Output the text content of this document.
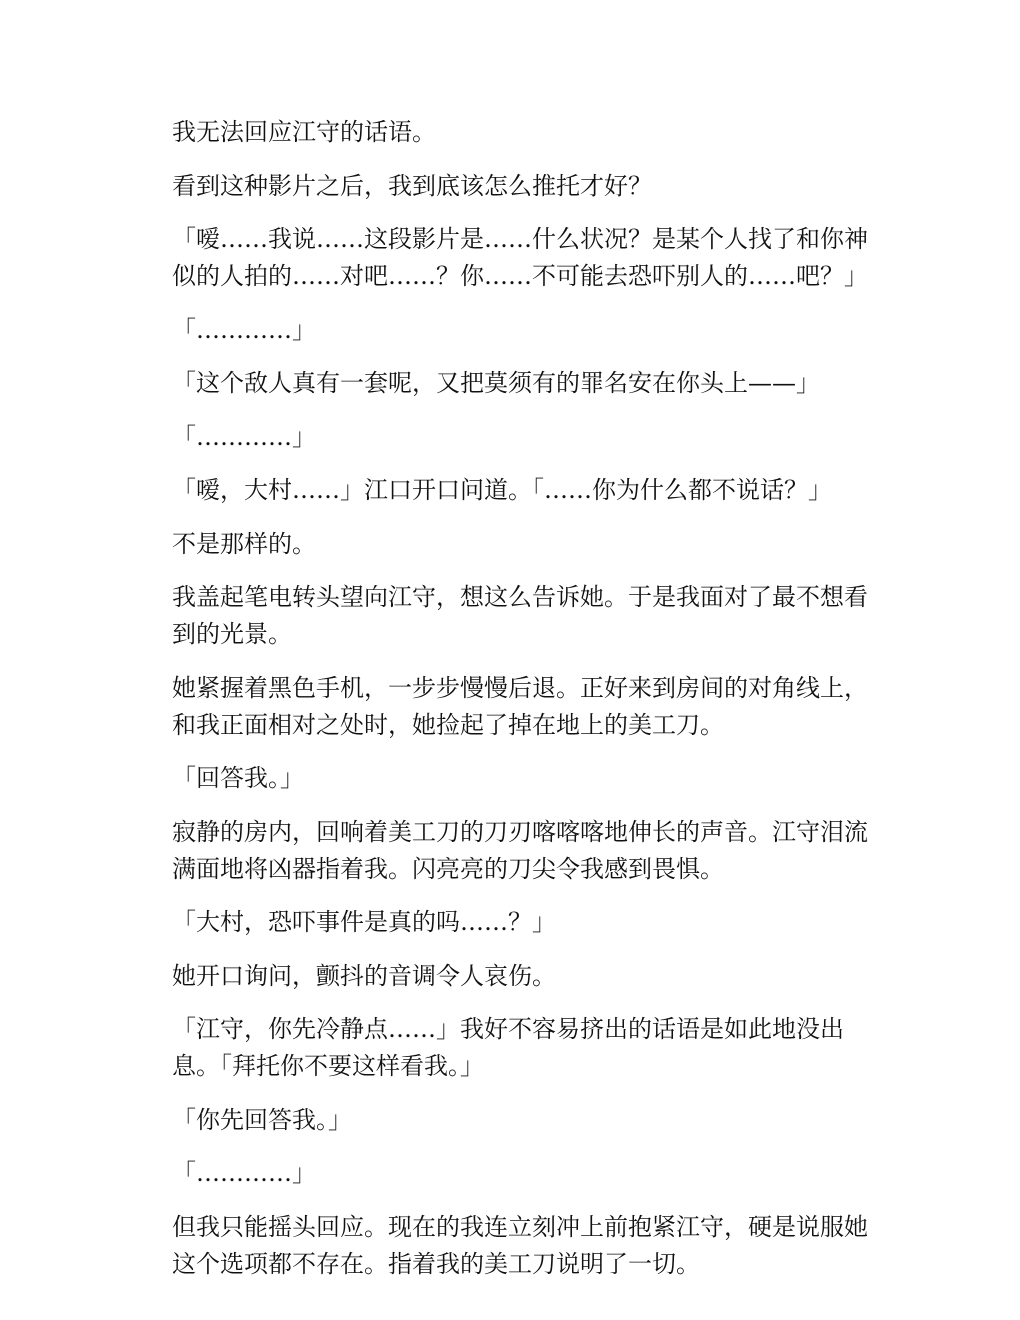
我无法回应江守的话语。

看到这种影片之后，我到底该怎么推托才好？

「嗳……我说……这段影片是……什么状况？是某个人找了和你神
似的人拍的……对吧……？你……不可能去恐吓别人的……吧？」

「…………」

「这个敌人真有一套呢，又把莫须有的罪名安在你头上——」

「…………」

「嗳，大村……」江口开口问道。「……你为什么都不说话？」

不是那样的。

我盖起笔电转头望向江守，想这么告诉她。于是我面对了最不想看
到的光景。

她紧握着黑色手机，一步步慢慢后退。正好来到房间的对角线上，
和我正面相对之处时，她捡起了掉在地上的美工刀。

「回答我。」

寂静的房内，回响着美工刀的刀刃喀喀喀地伸长的声音。江守泪流
满面地将凶器指着我。闪亮亮的刀尖令我感到畏惧。

「大村，恐吓事件是真的吗……？」

她开口询问，颤抖的音调令人哀伤。

「江守，你先冷静点……」我好不容易挤出的话语是如此地没出
息。「拜托你不要这样看我。」

「你先回答我。」

「…………」

但我只能摇头回应。现在的我连立刻冲上前抱紧江守，硬是说服她
这个选项都不存在。指着我的美工刀说明了一切。
